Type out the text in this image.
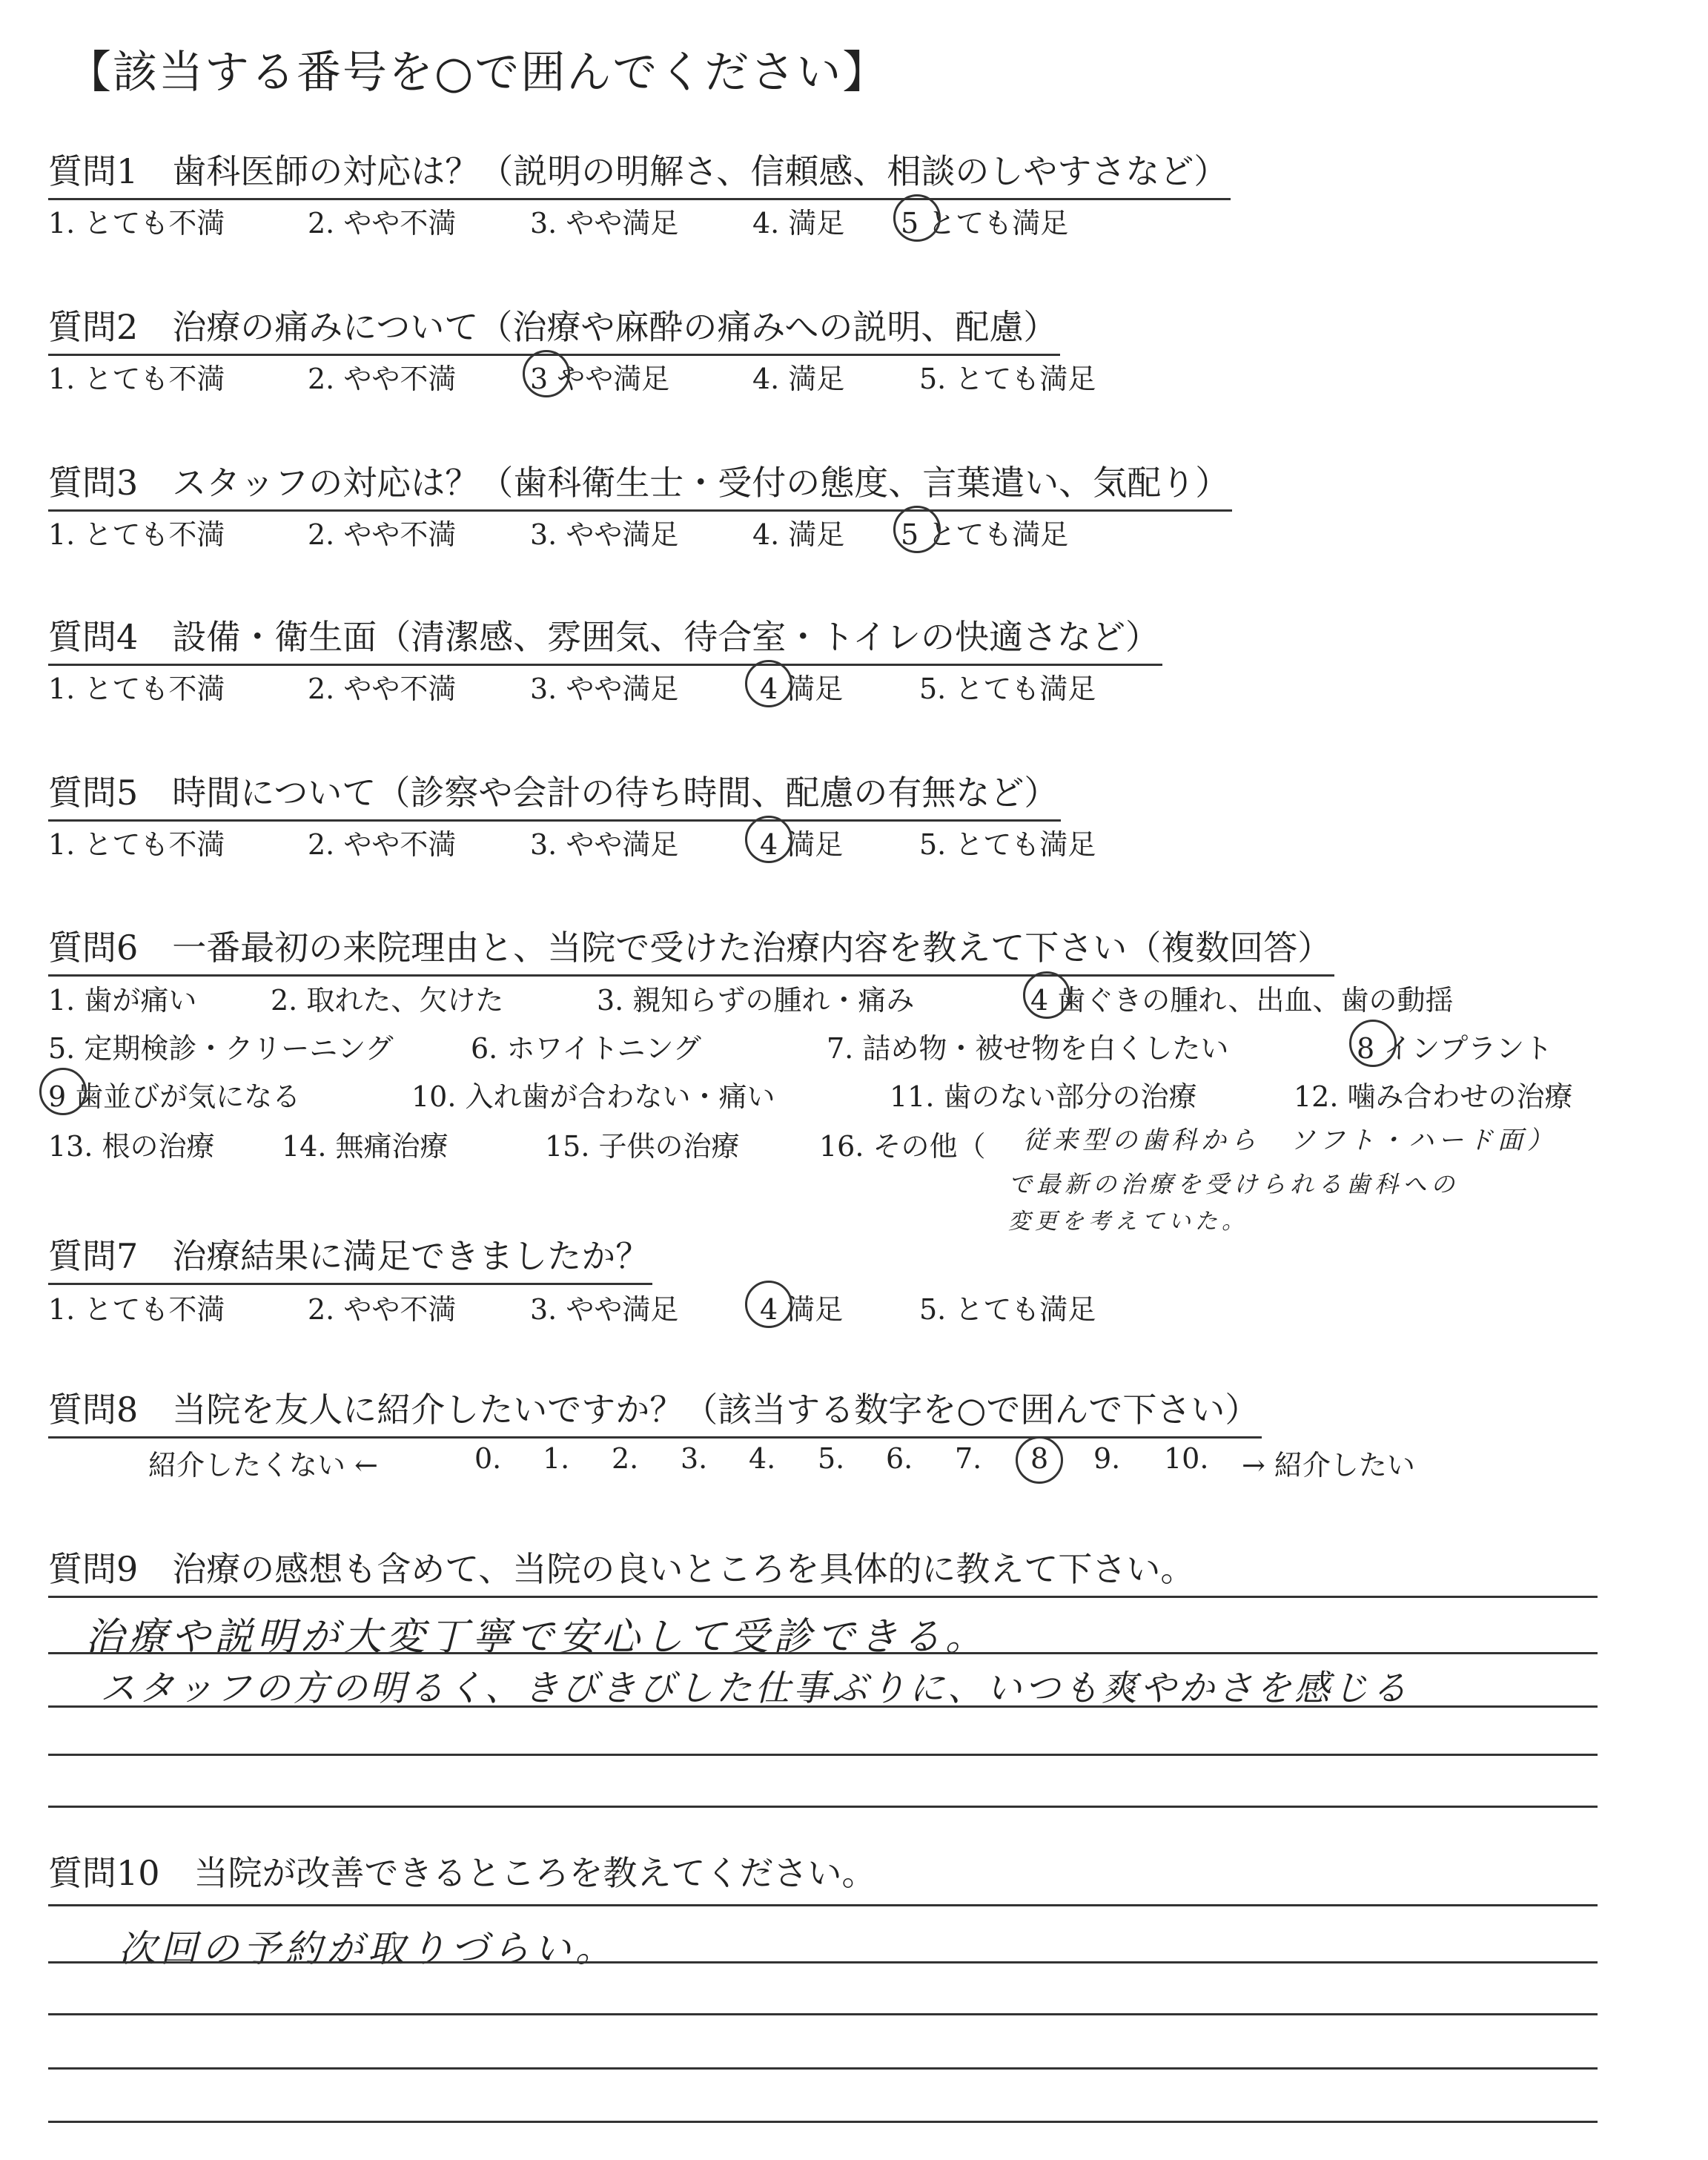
【該当する番号を○で囲んでください】
質問1　歯科医師の対応は？（説明の明解さ、信頼感、相談のしやすさなど）
1. とても不満	2. やや不満	3. やや満足	4. 満足 5 とても満足
質問2　治療の痛みについて（治療や麻酔の痛みへの説明、配慮）
1. とても不満	2. やや不満	3 やや満足	4. 満足	5. とても満足
質問3　スタッフの対応は？（歯科衛生士・受付の態度、言葉遣い、気配り）
1. とても不満	2. やや不満	3. やや満足	4. 満足 5 とても満足
質問4　設備・衛生面（清潔感、雰囲気、待合室・トイレの快適さなど）
1. とても不満	2. やや不満	3. やや満足	4 満足	5. とても満足
質問5　時間について（診察や会計の待ち時間、配慮の有無など）
1. とても不満	2. やや不満	3. やや満足	4 満足	5. とても満足
質問6　一番最初の来院理由と、当院で受けた治療内容を教えて下さい（複数回答）
1. 歯が痛い	2. 取れた、欠けた	3. 親知らずの腫れ・痛み	4 歯ぐきの腫れ、出血、歯の動揺
5. 定期検診・クリーニング	6. ホワイトニング	7. 詰め物・被せ物を白くしたい	8 インプラント
9 歯並びが気になる	10. 入れ歯が合わない・痛い	11. 歯のない部分の治療	12. 噛み合わせの治療
13. 根の治療 14. 無痛治療	15. 子供の治療	16. その他（ 従来型の歯科から　ソフト・ハード面）
で最新の治療を受けられる歯科への
変更を考えていた。
質問7　治療結果に満足できましたか？
1. とても不満	2. やや不満	3. やや満足	4 満足	5. とても満足
質問8　当院を友人に紹介したいですか？（該当する数字を○で囲んで下さい）
紹介したくない ←	0. 1. 2. 3. 4. 5. 6. 7. 8 9. 10. → 紹介したい
質問9　治療の感想も含めて、当院の良いところを具体的に教えて下さい。
治療や説明が大変丁寧で安心して受診できる。
スタッフの方の明るく、きびきびした仕事ぶりに、いつも爽やかさを感じる
質問10　当院が改善できるところを教えてください。
次回の予約が取りづらい。
